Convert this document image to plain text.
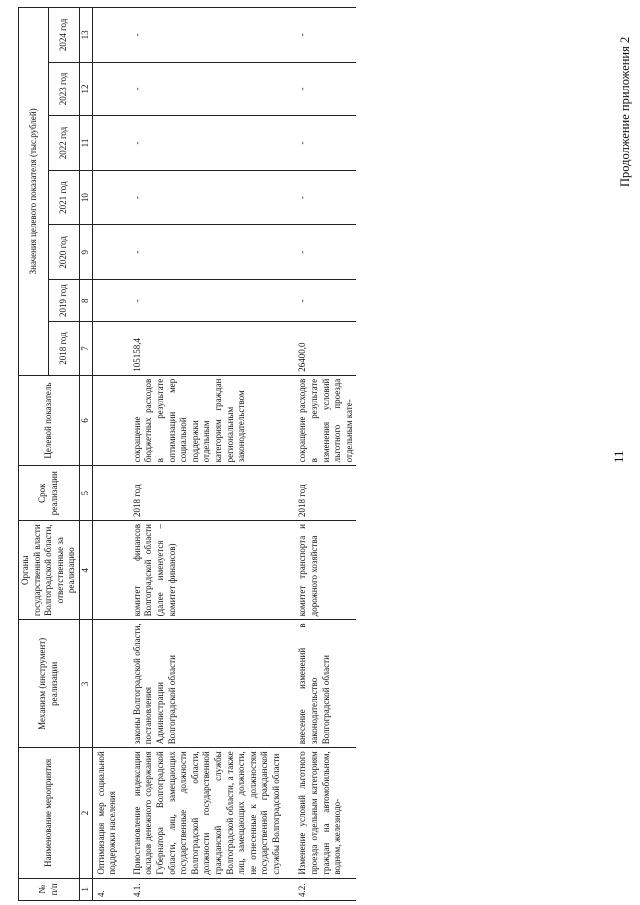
11
Продолжение приложения 2
№ п/п	Наименование мероприятия	Механизм (инструмент) реализации	Органы государственной власти Волгоградской области, ответственные за реализацию	Срок реализации	Целевой показатель	Значения целевого показателя (тыс.рублей)						
						2018 год	2019 год	2020 год	2021 год	2022 год	2023 год	2024 год
1	2	3	4	5	6	7	8	9	10	11	12	13
4.	Оптимизация мер социальной поддержки населения											
4.1.	Приостановление индексации окладов денежного содержания Губернатора Волгоградской области, лиц, замещающих государственные должности Волгоградской области, должности государственной гражданской службы Волгоградской области, а также лиц, замещающих должности, не отнесенные к должностям государственной гражданской службы Волгоградской области	законы Волгоградской области, постановления Администрации Волгоградской области	комитет финансов Волгоградской области (далее именуется – комитет финансов)	2018 год	сокращение бюджетных расходов в результате оптимизации мер социальной поддержки отдельным категориям граждан региональным законодательством	105158,4	-	-	-	-	-	-
4.2.	Изменение условий льготного проезда отдельным категориям граждан на автомобильном, водном, железнодо-	внесение изменений в законодательство Волгоградской области	комитет транспорта и дорожного хозяйства	2018 год	сокращение расходов в результате изменения условий льготного проезда отдельным кате-	26400,0	-	-	-	-	-	-
